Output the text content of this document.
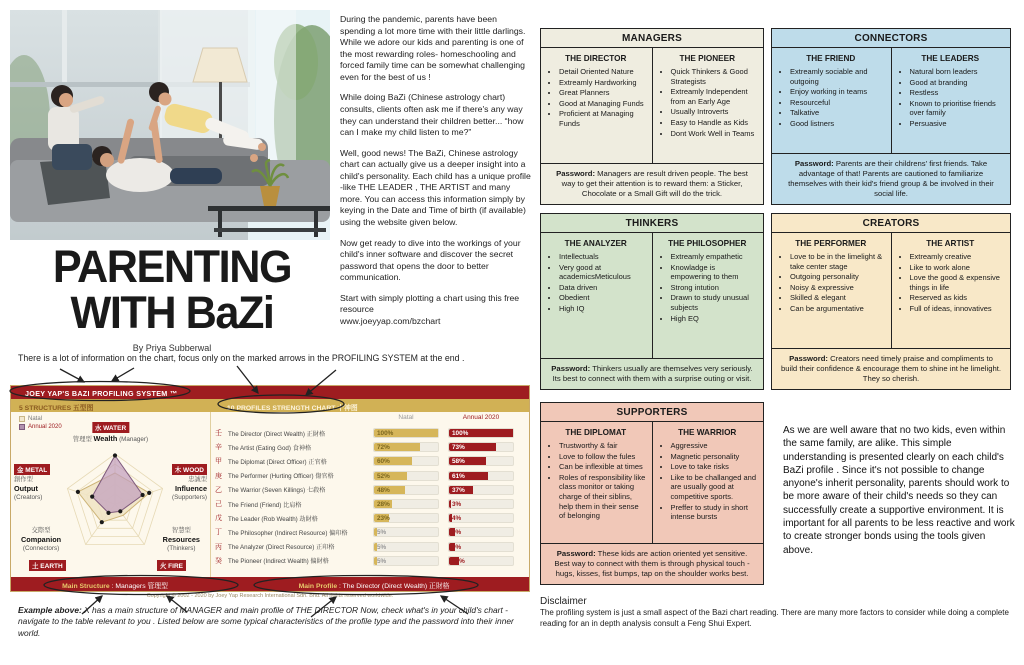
During the pandemic, parents have been spending a lot more time with their little darlings. While we adore our kids and parenting is one of the most rewarding roles- homeschooling and forced family time can be somewhat challenging even for the best of us !

While doing BaZi (Chinese astrology chart) consults, clients often ask me if there's any way they can understand their children better... “how can I make my child listen to me?”

Well, good news! The BaZi, Chinese astrology chart can actually give us a deeper insight into a child's personality. Each child has a unique profile -like THE LEADER , THE ARTIST and many more. You can access this information simply by keying in the Date and Time of birth (if available) using the website given below.

Now get ready to dive into the workings of your child's inner software and discover the secret password that opens the door to better communication.

Start with simply plotting a chart using this free resource

www.joeyyap.com/bzchart
PARENTING
WITH BaZi
By Priya Subberwal
There is a lot of information on the chart, focus only on the marked arrows in the PROFILING SYSTEM at the end .
JOEY YAP'S BAZI PROFILING SYSTEM ™
5 STRUCTURES 五型图	10 PROFILES STRENGTH CHART 十神图
Natal
Annual 2020	水 WATER
管理型 Wealth (Manager)
金 METAL
創作型
Output
(Creators)
木 WOOD
忠誠型
Influence
(Supporters)
交際型
Companion
(Connectors)
土 EARTH
智慧型
Resources
(Thinkers)
火 FIRE
Natal	Annual 2020
壬 The Director (Direct Wealth) 正財格	100%	100%
辛 The Artist (Eating God) 食神格	72%	73%
甲 The Diplomat (Direct Officer) 正官格	60%	58%
庚 The Performer (Hurting Officer) 傷官格	52%	61%
乙 The Warrior (Seven Killings) 七殺格	48%	37%
己 The Friend (Friend) 比肩格	28%	3%
戊 The Leader (Rob Wealth) 劫財格	23%	4%
丁 The Philosopher (Indirect Resource) 偏印格	5%	9%
丙 The Analyzer (Direct Resource) 正印格	5%	9%
癸 The Pioneer (Indirect Wealth) 偏財格	5%	16%
Main Structure : Managers 管理型	Main Profile : The Director (Direct Wealth) 正財格
Copyright © 2002 - 2020 by Joey Yap Research International Sdn. Bhd. All rights reserved worldwide.
Example above: X has a main structure of MANAGER and main profile of THE DIRECTOR Now, check what's in your child's chart - navigate to the table relevant to you . Listed below are some typical characteristics of the profile type and the password into their inner world.
MANAGERS
THE DIRECTOR
• Detail Oriented Nature
• Extreamly Hardworking
• Great Planners
• Good at Managing Funds
• Proficient at Managing Funds
THE PIONEER
• Quick Thinkers & Good Strategists
• Extreamly Independent from an Early Age
• Usually Introverts
• Easy to Handle as Kids
• Dont Work Well in Teams
Password: Managers are result driven people. The best way to get their attention is to reward them: a Sticker, Chocolate or a Small Gift will do the trick.
CONNECTORS
THE FRIEND
• Extreamly sociable and outgoing
• Enjoy working in teams
• Resourceful
• Talkative
• Good listners
THE LEADERS
• Natural born leaders
• Good at branding
• Restless
• Known to prioritise friends over family
• Persuasive
Password: Parents are their childrens' first friends. Take advantage of that! Parents are cautioned to familiarize themselves with their kid's friend group & be involved in their social life.
THINKERS
THE ANALYZER
• Intellectuals
• Very good at academicsMeticulous
• Data driven
• Obedient
• High IQ
THE PHILOSOPHER
• Extreamly empathetic
• Knowladge is empowering to them
• Strong intution
• Drawn to study unusual subjects
• High EQ
Password: Thinkers usually are themselves very seriously. Its best to connect with them with a surprise outing or visit.
CREATORS
THE PERFORMER
• Love to be in the limelight & take center stage
• Outgoing personality
• Noisy & expressive
• Skilled & elegant
• Can be argumentative
THE ARTIST
• Extreamly creative
• Like to work alone
• Love the good & expensive things in life
• Reserved as kids
• Full of ideas, innovatives
Password: Creators need timely praise and compliments to build their confidence & encourage them to shine int he limelight. They so cherish.
SUPPORTERS
THE DIPLOMAT
• Trustworthy & fair
• Love to follow the fules
• Can be inflexible at times
• Roles of responsibility like class monitor or taking charge of their siblins, help them in their sense of belonging
THE WARRIOR
• Aggressive
• Magnetic personality
• Love to take risks
• Like to be challanged and are usually good at competitive sports.
• Preffer to study in short intense bursts
Password: These kids are action oriented yet sensitive. Best way to connect with them is through physical touch - hugs, kisses, fist bumps, tap on the shoulder works best.
As we are well aware that no two kids, even within the same family, are alike. This simple understanding is presented clearly on each child's BaZi profile . Since it's not possible to change anyone's inherit personality, parents should work to be more aware of their child's needs so they can successfully create a supportive environment. It is important for all parents to be less reactive and work to create stronger bonds using the tools given above.
Disclaimer
The profiling system is just a small aspect of the Bazi chart reading. There are many more factors to consider while doing a complete reading for an in depth analysis consult a Feng Shui Expert.
